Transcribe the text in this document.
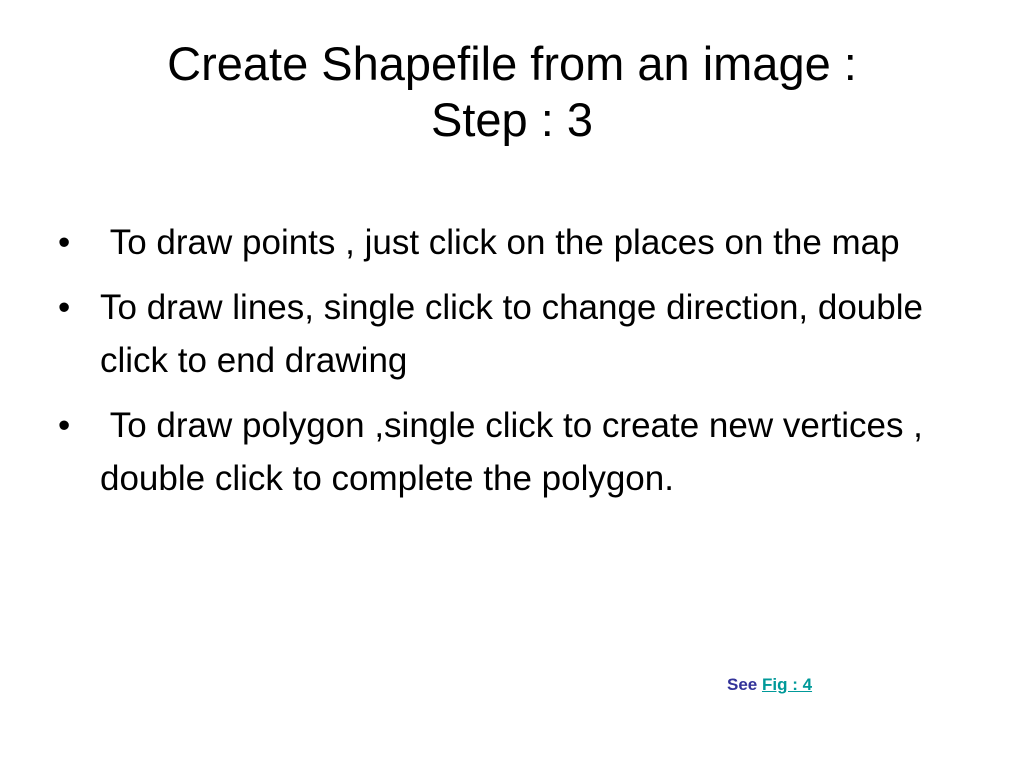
Create Shapefile from an image :
Step : 3
• To draw points , just click on the places on the map
• To draw lines, single click to change direction, double click to end drawing
• To draw polygon ,single click to create new vertices , double click to complete the polygon.
See Fig : 4
